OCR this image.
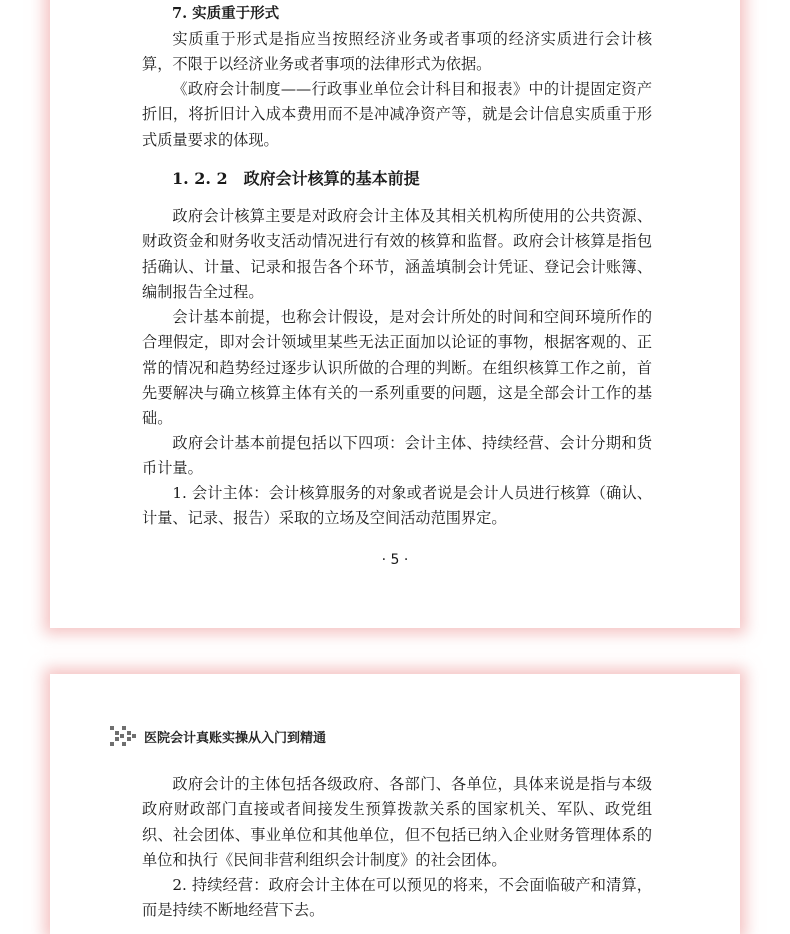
7. 实质重于形式

实质重于形式是指应当按照经济业务或者事项的经济实质进行会计核算，不限于以经济业务或者事项的法律形式为依据。

《政府会计制度——行政事业单位会计科目和报表》中的计提固定资产折旧，将折旧计入成本费用而不是冲减净资产等，就是会计信息实质重于形式质量要求的体现。

1. 2. 2　政府会计核算的基本前提

政府会计核算主要是对政府会计主体及其相关机构所使用的公共资源、财政资金和财务收支活动情况进行有效的核算和监督。政府会计核算是指包括确认、计量、记录和报告各个环节，涵盖填制会计凭证、登记会计账簿、编制报告全过程。

会计基本前提，也称会计假设，是对会计所处的时间和空间环境所作的合理假定，即对会计领域里某些无法正面加以论证的事物，根据客观的、正常的情况和趋势经过逐步认识所做的合理的判断。在组织核算工作之前，首先要解决与确立核算主体有关的一系列重要的问题，这是全部会计工作的基础。

政府会计基本前提包括以下四项：会计主体、持续经营、会计分期和货币计量。

1. 会计主体：会计核算服务的对象或者说是会计人员进行核算（确认、计量、记录、报告）采取的立场及空间活动范围界定。

· 5 ·
医院会计真账实操从入门到精通

政府会计的主体包括各级政府、各部门、各单位，具体来说是指与本级政府财政部门直接或者间接发生预算拨款关系的国家机关、军队、政党组织、社会团体、事业单位和其他单位，但不包括已纳入企业财务管理体系的单位和执行《民间非营利组织会计制度》的社会团体。

2. 持续经营：政府会计主体在可以预见的将来，不会面临破产和清算，而是持续不断地经营下去。
